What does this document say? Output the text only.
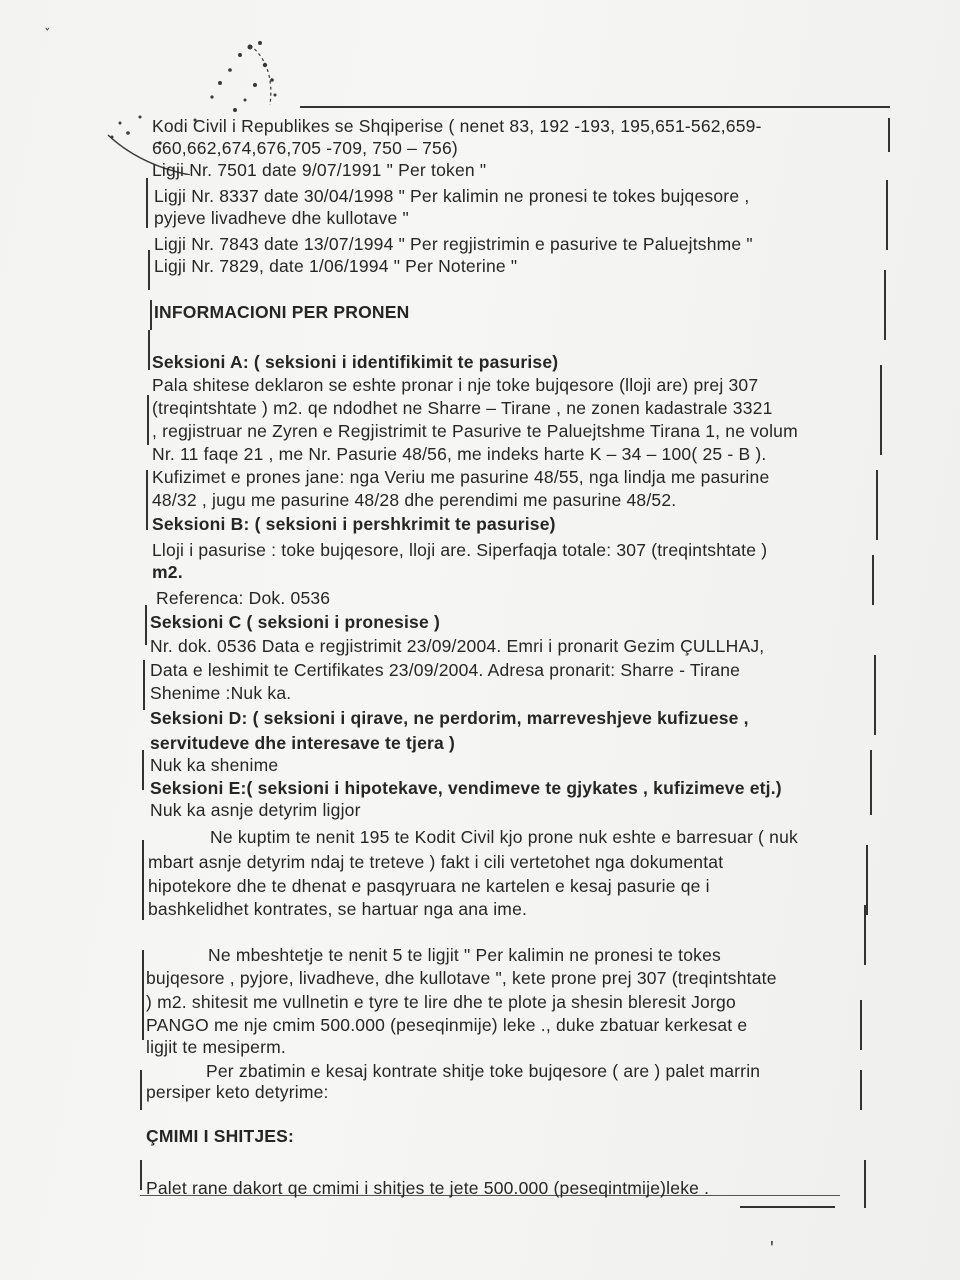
˯
'
Kodi Civil i Republikes se Shqiperise ( nenet 83, 192 -193, 195,651-562,659-
660,662,674,676,705 -709, 750 – 756)
Ligji Nr. 7501 date 9/07/1991 " Per token "
Ligji Nr. 8337 date 30/04/1998 " Per kalimin ne pronesi te tokes bujqesore ,
pyjeve livadheve dhe kullotave "
Ligji Nr. 7843 date 13/07/1994 " Per regjistrimin e pasurive te Paluejtshme "
Ligji Nr. 7829, date 1/06/1994 " Per Noterine "
INFORMACIONI PER PRONEN
Seksioni A: ( seksioni i identifikimit te pasurise)
Pala shitese deklaron se eshte pronar i nje toke bujqesore (lloji are) prej 307
(treqintshtate ) m2. qe ndodhet ne Sharre – Tirane , ne zonen kadastrale 3321
, regjistruar ne Zyren e Regjistrimit te Pasurive te Paluejtshme Tirana 1, ne volum
Nr. 11 faqe 21 , me Nr. Pasurie 48/56, me indeks harte K – 34 – 100( 25 - B ).
Kufizimet e prones jane: nga Veriu me pasurine 48/55, nga lindja me pasurine
48/32 , jugu me pasurine 48/28 dhe perendimi me pasurine 48/52.
Seksioni B: ( seksioni i pershkrimit te pasurise)
Lloji i pasurise : toke bujqesore, lloji are. Siperfaqja totale: 307 (treqintshtate )
m2.
Referenca: Dok. 0536
Seksioni C ( seksioni i pronesise )
Nr. dok. 0536 Data e regjistrimit 23/09/2004. Emri i pronarit Gezim ÇULLHAJ,
Data e leshimit te Certifikates 23/09/2004. Adresa pronarit: Sharre - Tirane
Shenime :Nuk ka.
Seksioni D: ( seksioni i qirave, ne perdorim, marreveshjeve kufizuese ,
servitudeve dhe interesave te tjera )
Nuk ka shenime
Seksioni E:( seksioni i hipotekave, vendimeve te gjykates , kufizimeve etj.)
Nuk ka asnje detyrim ligjor
Ne kuptim te nenit 195 te Kodit Civil kjo prone nuk eshte e barresuar ( nuk
mbart asnje detyrim ndaj te treteve ) fakt i cili vertetohet nga dokumentat
hipotekore dhe te dhenat e pasqyruara ne kartelen e kesaj pasurie qe i
bashkelidhet kontrates, se hartuar nga ana ime.
Ne mbeshtetje te nenit 5 te ligjit " Per kalimin ne pronesi te tokes
bujqesore , pyjore, livadheve, dhe kullotave ", kete prone prej 307 (treqintshtate
) m2. shitesit me vullnetin e tyre te lire dhe te plote ja shesin bleresit Jorgo
PANGO me nje cmim 500.000 (peseqinmije) leke ., duke zbatuar kerkesat e
ligjit te mesiperm.
Per zbatimin e kesaj kontrate shitje toke bujqesore ( are ) palet marrin
persiper keto detyrime:
ÇMIMI I SHITJES:
Palet rane dakort qe cmimi i shitjes te jete 500.000 (peseqintmije)leke .
